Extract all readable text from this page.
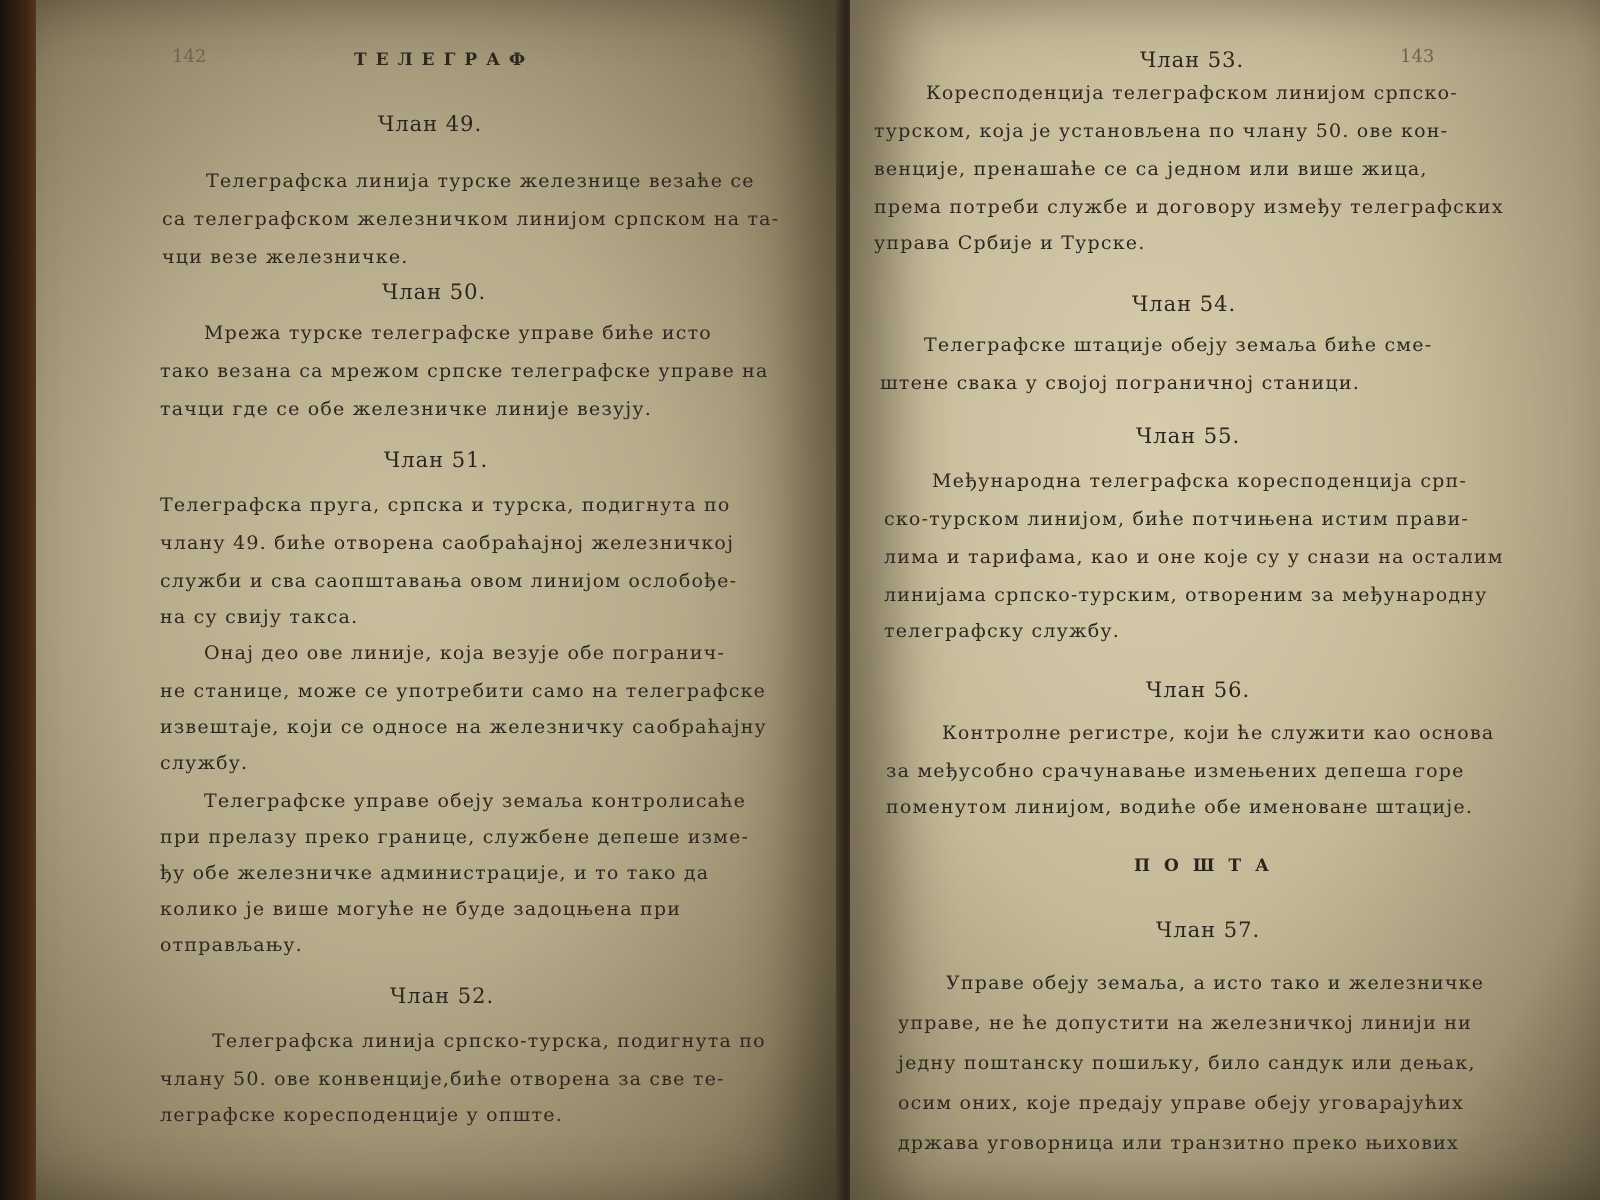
142	ТЕЛЕГРАФ
Члан 49.
Телеграфска линија турске железнице везаће се
са телеграфском железничком линијом српском на та-
чци везе железничке.
Члан 50.
Мрежа турске телеграфске управе биће исто
тако везана са мрежом српске телеграфске управе на
тачци где се обе железничке линије везују.
Члан 51.
Телеграфска пруга, српска и турска, подигнута по
члану 49. биће отворена саобраћајној железничкој
служби и сва саопштавања овом линијом ослобође-
на су свију такса.
Онај део ове линије, која везује обе погранич-
не станице, може се употребити само на телеграфске
извештаје, који се односе на железничку саобраћајну
службу.
Телеграфске управе обеју земаља контролисаће
при прелазу преко границе, службене депеше изме-
ђу обе железничке администрације, и то тако да
колико је више могуће не буде задоцњена при
отправљању.
Члан 52.
Телеграфска линија српско-турска, подигнута по
члану 50. ове конвенције,биће отворена за све те-
леграфске коресподенције у опште.
143
Члан 53.
Коресподенција телеграфском линијом српско-
турском, која је установљена по члану 50. ове кон-
венције, пренашаће се са једном или више жица,
према потреби службе и договору између телеграфских
управа Србије и Турске.
Члан 54.
Телеграфске штације обеју земаља биће сме-
штене свака у својој пограничној станици.
Члан 55.
Међународна телеграфска коресподенција срп-
ско-турском линијом, биће потчињена истим прави-
лима и тарифама, као и оне које су у снази на осталим
линијама српско-турским, отвореним за међународну
телеграфску службу.
Члан 56.
Контролне регистре, који ће служити као основа
за међусобно срачунавање измењених депеша горе
поменутом линијом, водиће обе именоване штације.
ПОШТА
Члан 57.
Управе обеју земаља, а исто тако и железничке
управе, не ће допустити на железничкој линији ни
једну поштанску пошиљку, било сандук или дењак,
осим оних, које предају управе обеју уговарајућих
држава уговорница или транзитно преко њихових
